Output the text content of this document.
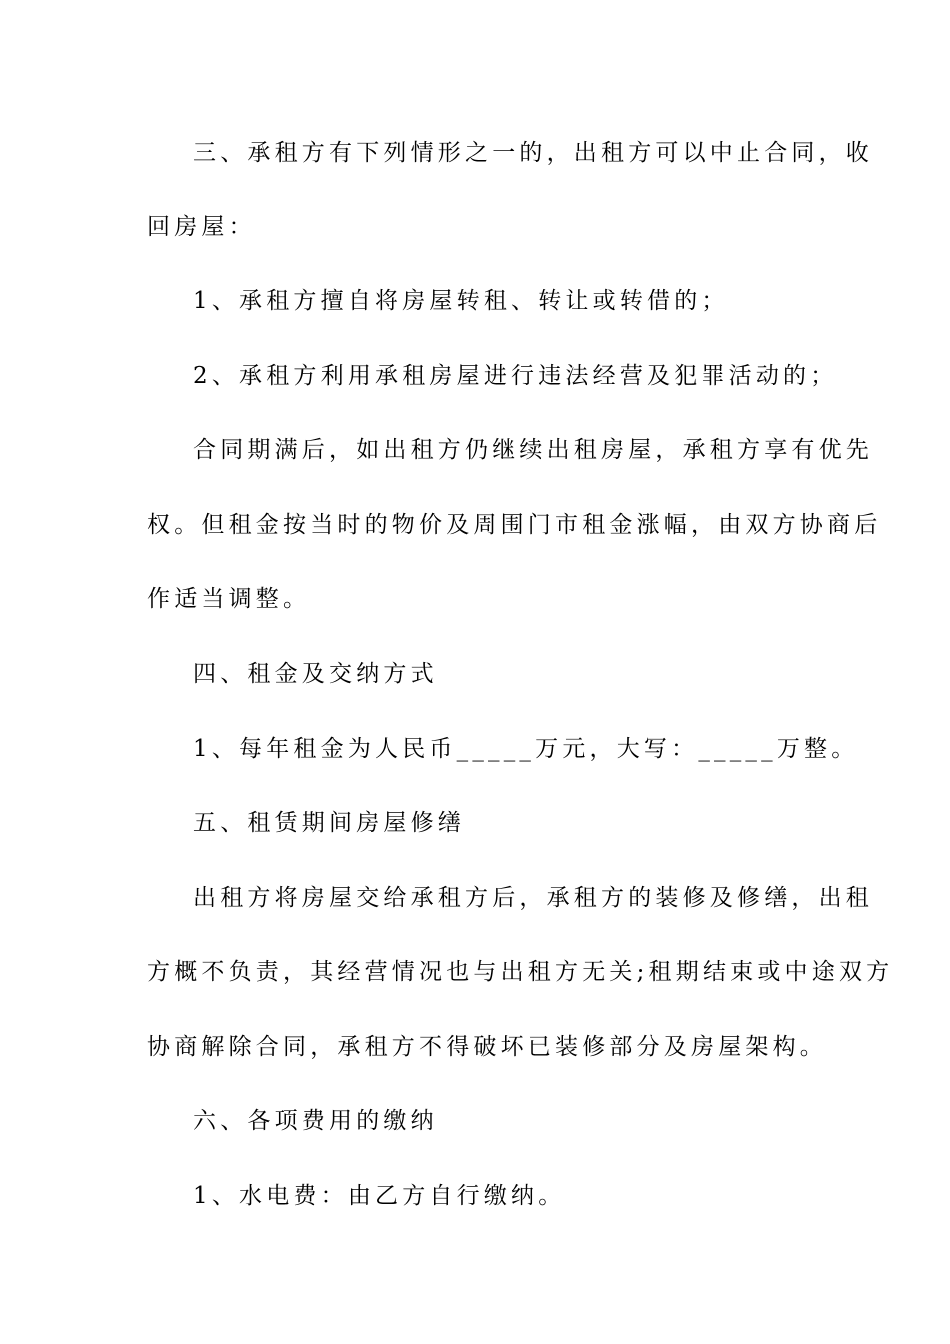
三、承租方有下列情形之一的，出租方可以中止合同，收
回房屋：
1、承租方擅自将房屋转租、转让或转借的；
2、承租方利用承租房屋进行违法经营及犯罪活动的；
合同期满后，如出租方仍继续出租房屋，承租方享有优先
权。但租金按当时的物价及周围门市租金涨幅，由双方协商后
作适当调整。
四、租金及交纳方式
1、每年租金为人民币_____万元，大写：_____万整。
五、租赁期间房屋修缮
出租方将房屋交给承租方后，承租方的装修及修缮，出租
方概不负责，其经营情况也与出租方无关;租期结束或中途双方
协商解除合同，承租方不得破坏已装修部分及房屋架构。
六、各项费用的缴纳
1、水电费：由乙方自行缴纳。
